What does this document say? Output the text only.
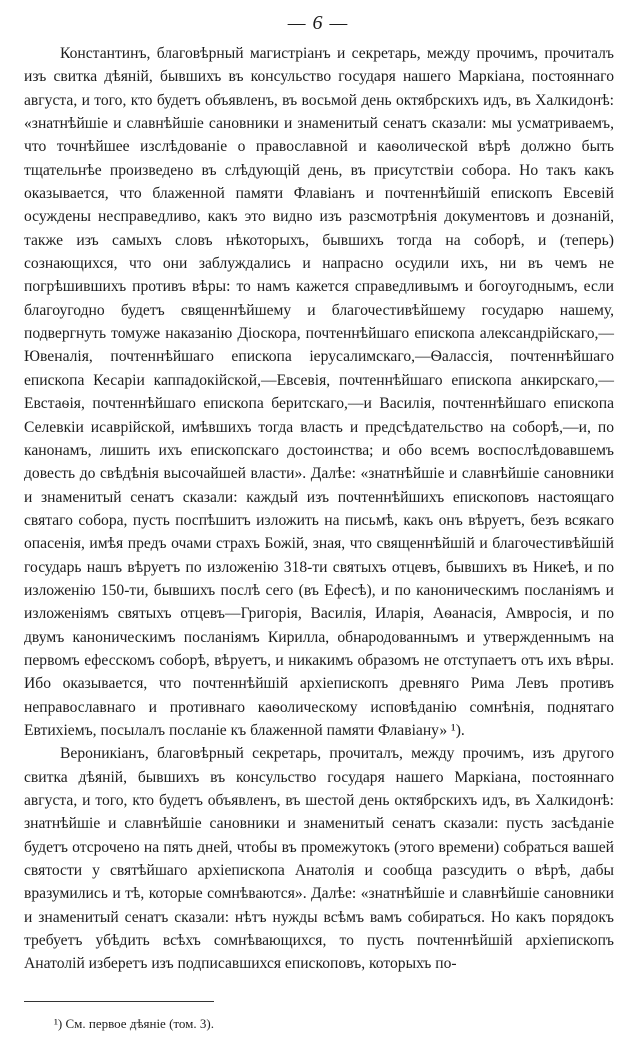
— 6 —

Константинъ, благовѣрный магистріанъ и секретарь, между прочимъ, прочиталъ изъ свитка дѣяній, бывшихъ въ консульство государя нашего Маркіана, постояннаго августа, и того, кто будетъ объявленъ, въ восьмой день октябрскихъ идъ, въ Халкидонѣ: «знатнѣйшіе и славнѣйшіе сановники и знаменитый сенатъ сказали: мы усматриваемъ, что точнѣйшее изслѣдованіе о православной и каѳолической вѣрѣ должно быть тщательнѣе произведено въ слѣдующій день, въ присутствіи собора. Но такъ какъ оказывается, что блаженной памяти Флавіанъ и почтеннѣйшій епископъ Евсевій осуждены несправедливо, какъ это видно изъ разсмотрѣнія документовъ и дознаній, также изъ самыхъ словъ нѣкоторыхъ, бывшихъ тогда на соборѣ, и (теперь) сознающихся, что они заблуждались и напрасно осудили ихъ, ни въ чемъ не погрѣшившихъ противъ вѣры: то намъ кажется справедливымъ и богоугоднымъ, если благоугодно будетъ священнѣйшему и благочестивѣйшему государю нашему, подвергнуть томуже наказанію Діоскора, почтеннѣйшаго епископа александрійскаго,—Ювеналія, почтеннѣйшаго епископа іерусалимскаго,—Ѳалассія, почтеннѣйшаго епископа Кесаріи каппадокійской,—Евсевія, почтеннѣйшаго епископа анкирскаго,—Евстаѳія, почтеннѣйшаго епископа беритскаго,—и Василія, почтеннѣйшаго епископа Селевкіи исаврійской, имѣвшихъ тогда власть и предсѣдательство на соборѣ,—и, по канонамъ, лишить ихъ епископскаго достоинства; и обо всемъ воспослѣдовавшемъ довесть до свѣдѣнія высочайшей власти». Далѣе: «знатнѣйшіе и славнѣйшіе сановники и знаменитый сенатъ сказали: каждый изъ почтеннѣйшихъ епископовъ настоящаго святаго собора, пусть поспѣшитъ изложить на письмѣ, какъ онъ вѣруетъ, безъ всякаго опасенія, имѣя предъ очами страхъ Божій, зная, что священнѣйшій и благочестивѣйшій государь нашъ вѣруетъ по изложенію 318-ти святыхъ отцевъ, бывшихъ въ Никеѣ, и по изложенію 150-ти, бывшихъ послѣ сего (въ Ефесѣ), и по каноническимъ посланіямъ и изложеніямъ святыхъ отцевъ—Григорія, Василія, Иларія, Аѳанасія, Амвросія, и по двумъ каноническимъ посланіямъ Кирилла, обнародованнымъ и утвержденнымъ на первомъ ефесскомъ соборѣ, вѣруетъ, и никакимъ образомъ не отступаетъ отъ ихъ вѣры. Ибо оказывается, что почтеннѣйшій архіепископъ древняго Рима Левъ противъ неправославнаго и противнаго каѳолическому исповѣданію сомнѣнія, поднятаго Евтихіемъ, посылалъ посланіе къ блаженной памяти Флавіану» ¹).

Вероникіанъ, благовѣрный секретарь, прочиталъ, между прочимъ, изъ другого свитка дѣяній, бывшихъ въ консульство государя нашего Маркіана, постояннаго августа, и того, кто будетъ объявленъ, въ шестой день октябрскихъ идъ, въ Халкидонѣ: знатнѣйшіе и славнѣйшіе сановники и знаменитый сенатъ сказали: пусть засѣданіе будетъ отсрочено на пять дней, чтобы въ промежутокъ (этого времени) собраться вашей святости у святѣйшаго архіепископа Анатолія и сообща разсудить о вѣрѣ, дабы вразумились и тѣ, которые сомнѣваются». Далѣе: «знатнѣйшіе и славнѣйшіе сановники и знаменитый сенатъ сказали: нѣтъ нужды всѣмъ вамъ собираться. Но какъ порядокъ требуетъ убѣдить всѣхъ сомнѣвающихся, то пусть почтеннѣйшій архіепископъ Анатолій изберетъ изъ подписавшихся епископовъ, которыхъ по-

¹) См. первое дѣяніе (том. 3).
